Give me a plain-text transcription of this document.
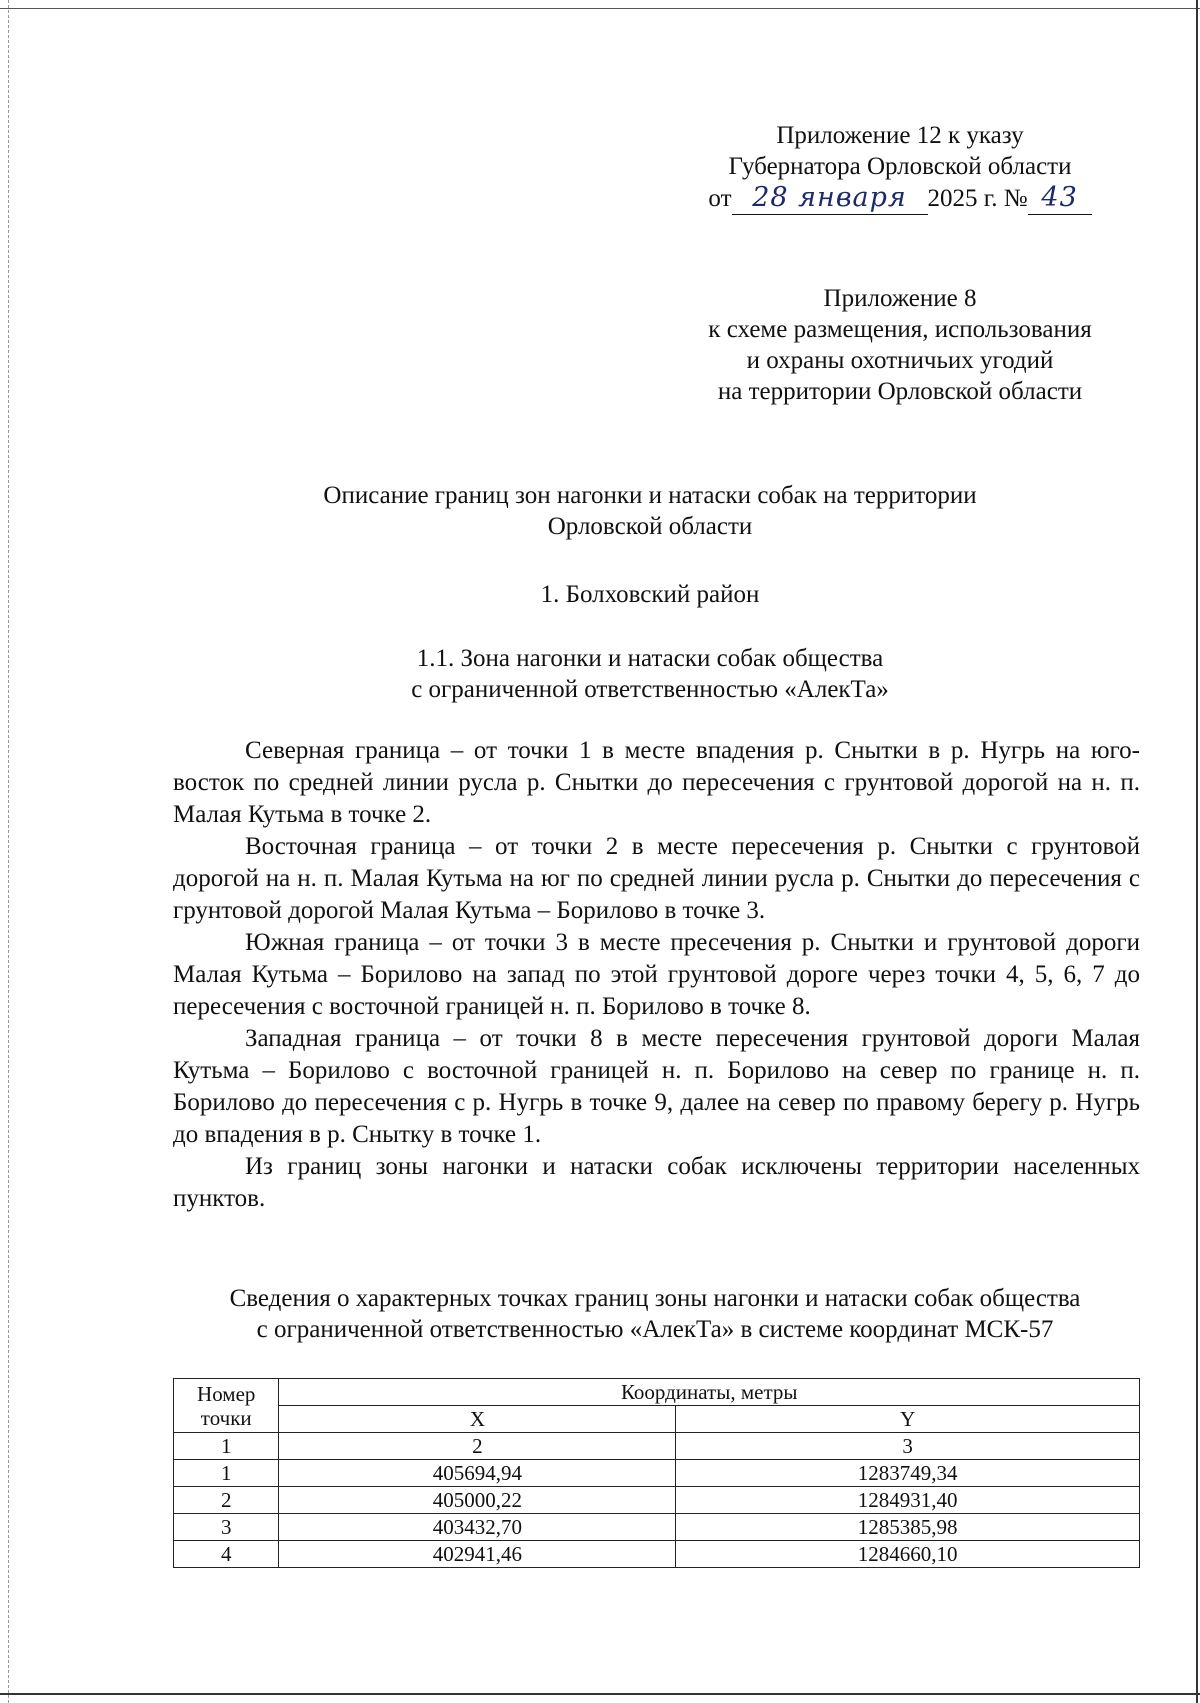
Приложение 12 к указу
Губернатора Орловской области
от 28 января 2025 г. № 43
Приложение 8
к схеме размещения, использования
и охраны охотничьих угодий
на территории Орловской области
Описание границ зон нагонки и натаски собак на территории
Орловской области
1. Болховский район
1.1. Зона нагонки и натаски собак общества
с ограниченной ответственностью «АлекТа»

Северная граница – от точки 1 в месте впадения р. Снытки в р. Нугрь на юго-восток по средней линии русла р. Снытки до пересечения с грунтовой дорогой на н. п. Малая Кутьма в точке 2.

Восточная граница – от точки 2 в месте пересечения р. Снытки с грунтовой дорогой на н. п. Малая Кутьма на юг по средней линии русла р. Снытки до пересечения с грунтовой дорогой Малая Кутьма – Борилово в точке 3.

Южная граница – от точки 3 в месте пресечения р. Снытки и грунтовой дороги Малая Кутьма – Борилово на запад по этой грунтовой дороге через точки 4, 5, 6, 7 до пересечения с восточной границей н. п. Борилово в точке 8.

Западная граница – от точки 8 в месте пересечения грунтовой дороги Малая Кутьма – Борилово с восточной границей н. п. Борилово на север по границе н. п. Борилово до пересечения с р. Нугрь в точке 9, далее на север по правому берегу р. Нугрь до впадения в р. Снытку в точке 1.

Из границ зоны нагонки и натаски собак исключены территории населенных пунктов.

Сведения о характерных точках границ зоны нагонки и натаски собак общества
с ограниченной ответственностью «АлекТа» в системе координат МСК-57
Номер
точки	Координаты, метры	
	X	Y
1	2	3
1	405694,94	1283749,34
2	405000,22	1284931,40
3	403432,70	1285385,98
4	402941,46	1284660,10
